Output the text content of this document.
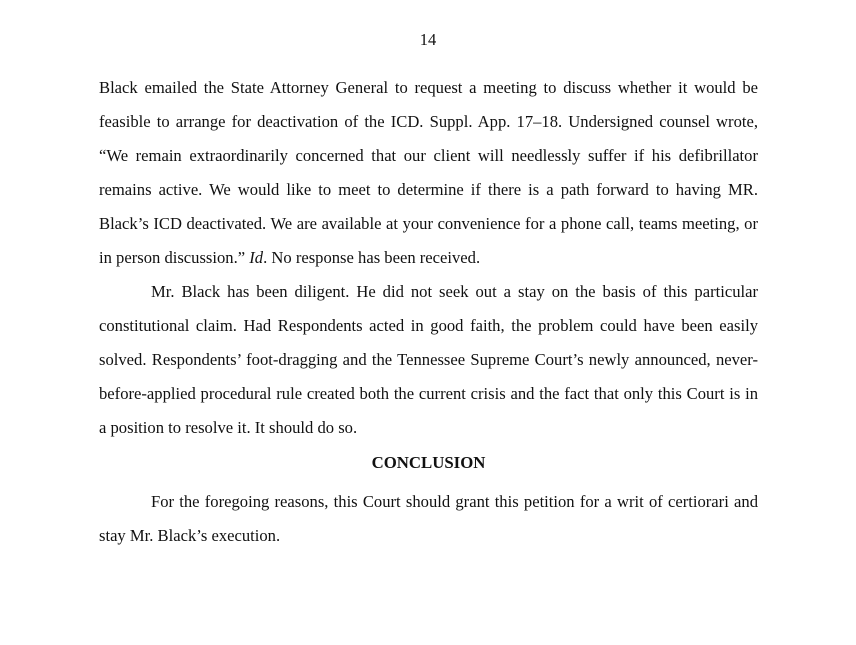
14

Black emailed the State Attorney General to request a meeting to discuss whether it would be feasible to arrange for deactivation of the ICD. Suppl. App. 17–18. Undersigned counsel wrote, “We remain extraordinarily concerned that our client will needlessly suffer if his defibrillator remains active. We would like to meet to determine if there is a path forward to having MR. Black’s ICD deactivated. We are available at your convenience for a phone call, teams meeting, or in person discussion.” Id. No response has been received.

Mr. Black has been diligent. He did not seek out a stay on the basis of this particular constitutional claim. Had Respondents acted in good faith, the problem could have been easily solved. Respondents’ foot-dragging and the Tennessee Supreme Court’s newly announced, never-before-applied procedural rule created both the current crisis and the fact that only this Court is in a position to resolve it. It should do so.

CONCLUSION

For the foregoing reasons, this Court should grant this petition for a writ of certiorari and stay Mr. Black’s execution.
